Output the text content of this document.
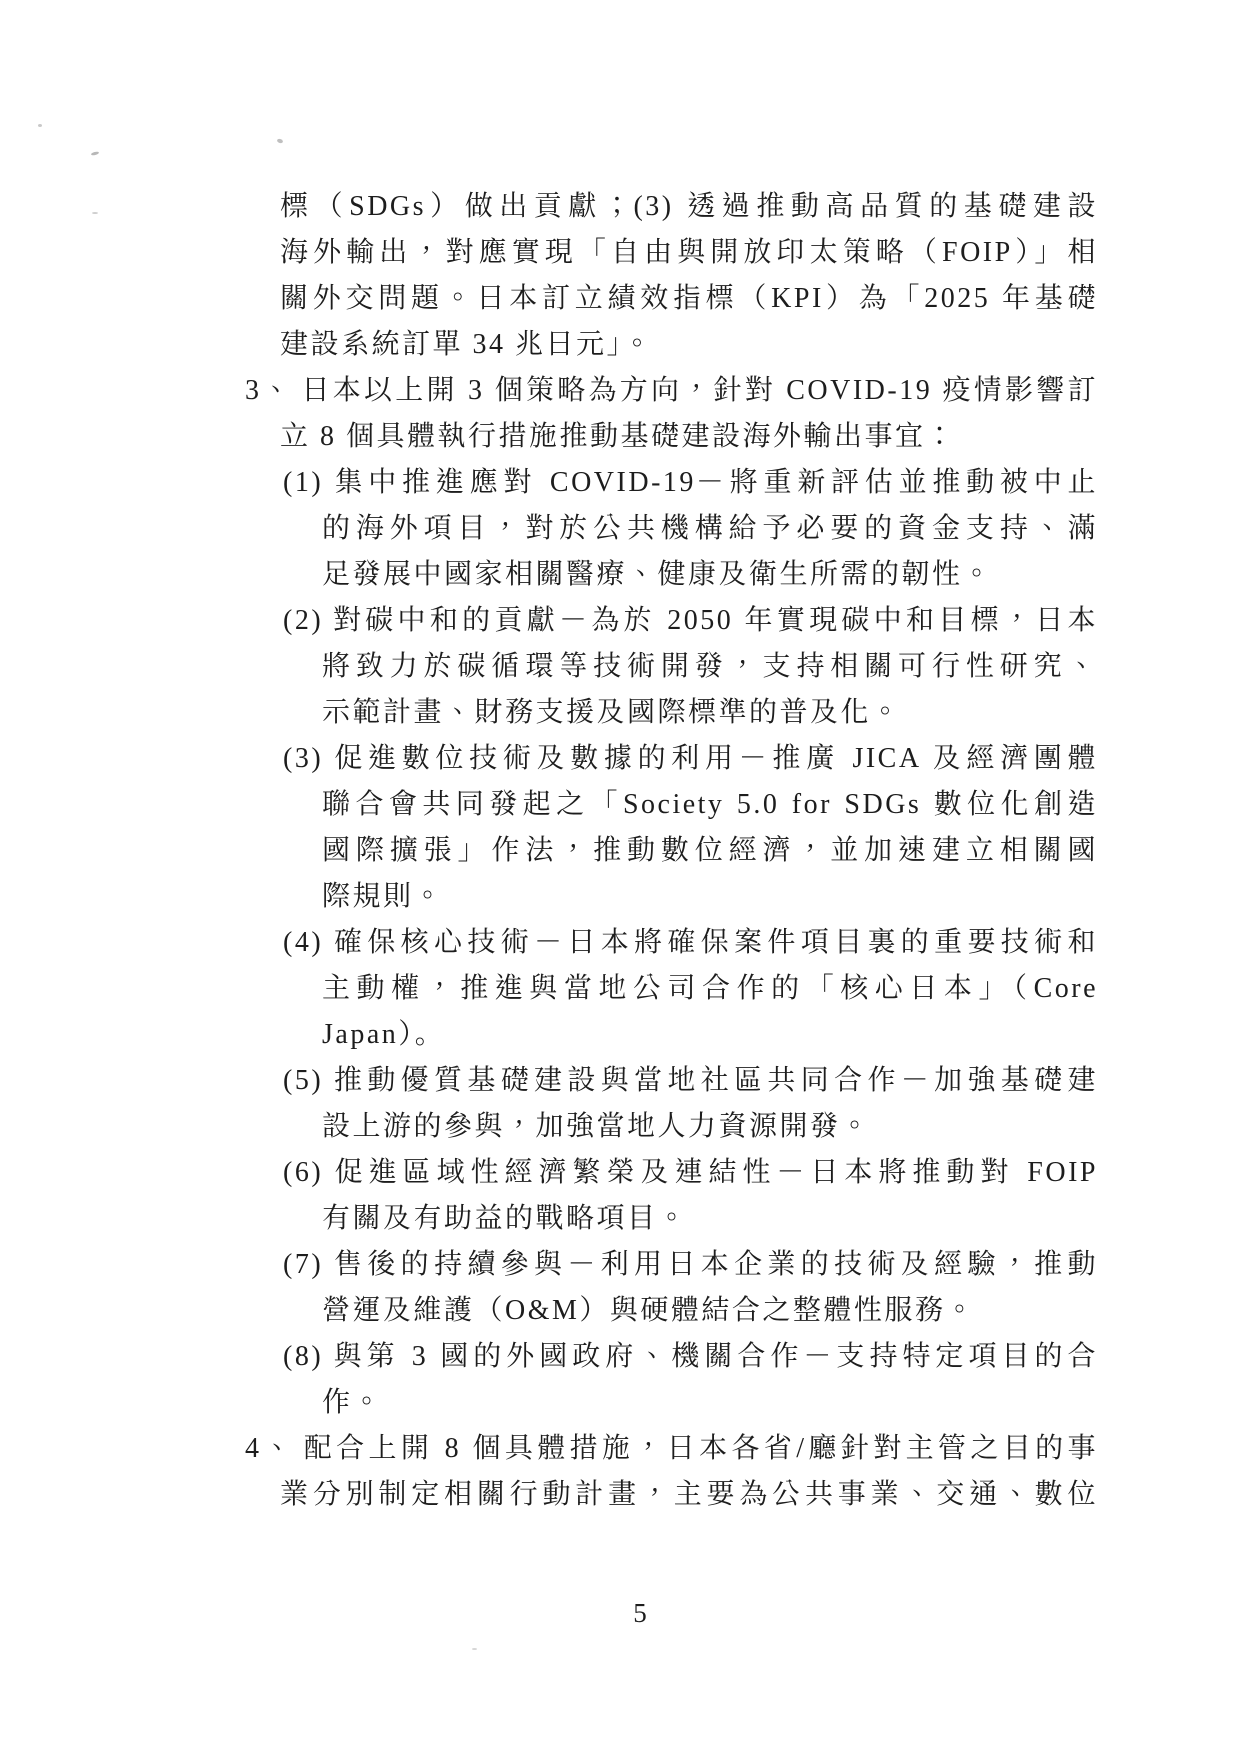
標（SDGs）做出貢獻；(3) 透過推動高品質的基礎建設
海外輸出，對應實現「自由與開放印太策略（FOIP）」相
關外交問題。日本訂立績效指標（KPI）為「2025 年基礎
建設系統訂單 34 兆日元」。
3、 日本以上開 3 個策略為方向，針對 COVID-19 疫情影響訂
立 8 個具體執行措施推動基礎建設海外輸出事宜：
(1) 集中推進應對 COVID-19－將重新評估並推動被中止
的海外項目，對於公共機構給予必要的資金支持、滿
足發展中國家相關醫療、健康及衛生所需的韌性。
(2) 對碳中和的貢獻－為於 2050 年實現碳中和目標，日本
將致力於碳循環等技術開發，支持相關可行性研究、
示範計畫、財務支援及國際標準的普及化。
(3) 促進數位技術及數據的利用－推廣 JICA 及經濟團體
聯合會共同發起之「Society 5.0 for SDGs 數位化創造
國際擴張」作法，推動數位經濟，並加速建立相關國
際規則。
(4) 確保核心技術－日本將確保案件項目裏的重要技術和
主動權，推進與當地公司合作的「核心日本」（Core
Japan）。
(5) 推動優質基礎建設與當地社區共同合作－加強基礎建
設上游的參與，加強當地人力資源開發。
(6) 促進區域性經濟繁榮及連結性－日本將推動對 FOIP
有關及有助益的戰略項目。
(7) 售後的持續參與－利用日本企業的技術及經驗，推動
營運及維護（O&M）與硬體結合之整體性服務。
(8) 與第 3 國的外國政府、機關合作－支持特定項目的合
作。
4、 配合上開 8 個具體措施，日本各省/廳針對主管之目的事
業分別制定相關行動計畫，主要為公共事業、交通、數位
5
